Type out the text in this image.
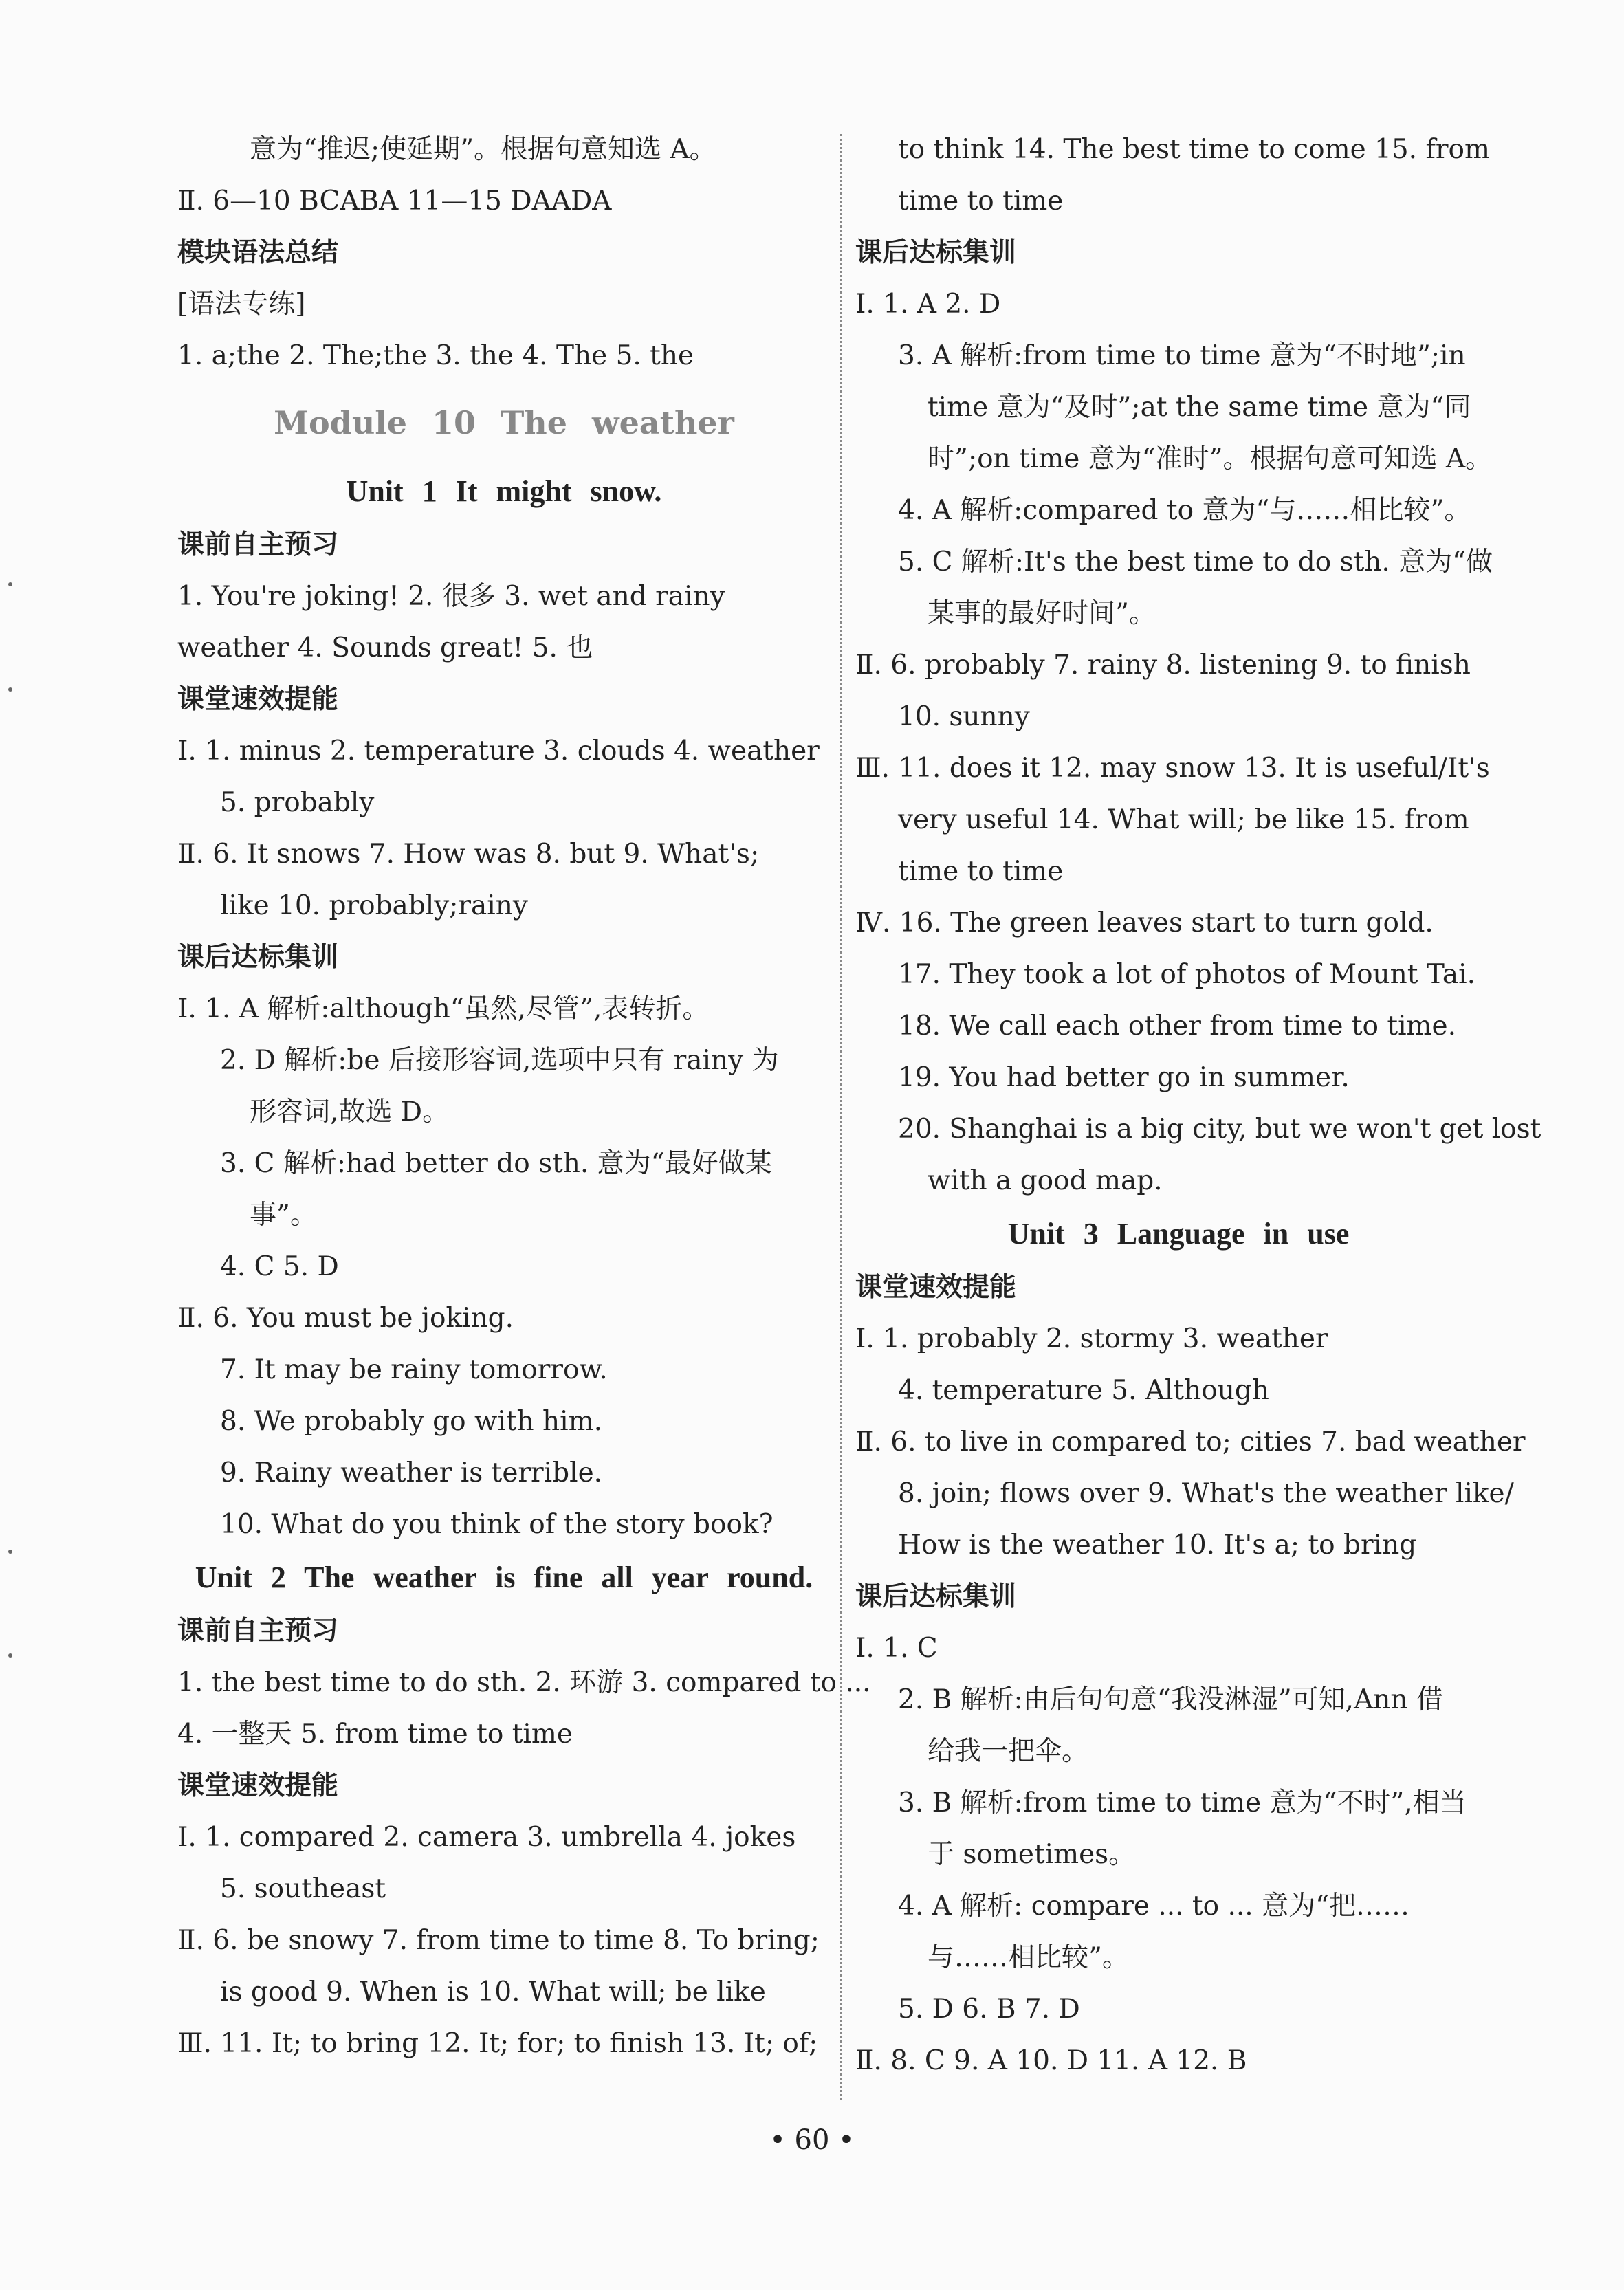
意为“推迟;使延期”。根据句意知选 A。
Ⅱ. 6—10 BCABA 11—15 DAADA
模块语法总结
[语法专练]
1. a;the 2. The;the 3. the 4. The 5. the
Module 10 The weather
Unit 1 It might snow.
课前自主预习
1. You're joking! 2. 很多 3. wet and rainy
weather 4. Sounds great! 5. 也
课堂速效提能
Ⅰ. 1. minus 2. temperature 3. clouds 4. weather
5. probably
Ⅱ. 6. It snows 7. How was 8. but 9. What's;
like 10. probably;rainy
课后达标集训
Ⅰ. 1. A 解析:although“虽然,尽管”,表转折。
2. D 解析:be 后接形容词,选项中只有 rainy 为
形容词,故选 D。
3. C 解析:had better do sth. 意为“最好做某
事”。
4. C 5. D
Ⅱ. 6. You must be joking.
7. It may be rainy tomorrow.
8. We probably go with him.
9. Rainy weather is terrible.
10. What do you think of the story book?
Unit 2 The weather is fine all year round.
课前自主预习
1. the best time to do sth. 2. 环游 3. compared to ...
4. 一整天 5. from time to time
课堂速效提能
Ⅰ. 1. compared 2. camera 3. umbrella 4. jokes
5. southeast
Ⅱ. 6. be snowy 7. from time to time 8. To bring;
is good 9. When is 10. What will; be like
Ⅲ. 11. It; to bring 12. It; for; to finish 13. It; of;
to think 14. The best time to come 15. from
time to time
课后达标集训
Ⅰ. 1. A 2. D
3. A 解析:from time to time 意为“不时地”;in
time 意为“及时”;at the same time 意为“同
时”;on time 意为“准时”。根据句意可知选 A。
4. A 解析:compared to 意为“与……相比较”。
5. C 解析:It's the best time to do sth. 意为“做
某事的最好时间”。
Ⅱ. 6. probably 7. rainy 8. listening 9. to finish
10. sunny
Ⅲ. 11. does it 12. may snow 13. It is useful/It's
very useful 14. What will; be like 15. from
time to time
Ⅳ. 16. The green leaves start to turn gold.
17. They took a lot of photos of Mount Tai.
18. We call each other from time to time.
19. You had better go in summer.
20. Shanghai is a big city, but we won't get lost
with a good map.
Unit 3 Language in use
课堂速效提能
Ⅰ. 1. probably 2. stormy 3. weather
4. temperature 5. Although
Ⅱ. 6. to live in compared to; cities 7. bad weather
8. join; flows over 9. What's the weather like/
How is the weather 10. It's a; to bring
课后达标集训
Ⅰ. 1. C
2. B 解析:由后句句意“我没淋湿”可知,Ann 借
给我一把伞。
3. B 解析:from time to time 意为“不时”,相当
于 sometimes。
4. A 解析: compare ... to ... 意为“把……
与……相比较”。
5. D 6. B 7. D
Ⅱ. 8. C 9. A 10. D 11. A 12. B
• 60 •
